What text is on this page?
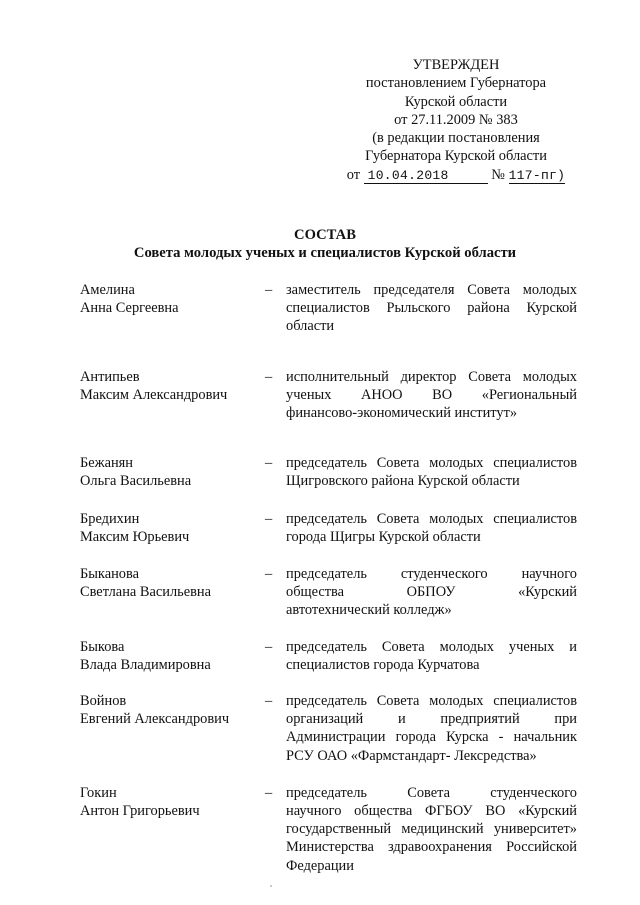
УТВЕРЖДЕН
постановлением Губернатора
Курской области
от 27.11.2009 № 383
(в редакции постановления
Губернатора Курской области
от 10.04.2018	№ 117-пг)
СОСТАВ
Совета молодых ученых и специалистов Курской области
Амелина
Анна Сергеевна
– заместитель председателя Совета молодых
специалистов Рыльского района Курской
области
Антипьев
Максим Александрович
– исполнительный директор Совета молодых
ученых АНОО ВО «Региональный
финансово-экономический институт»
Бежанян
Ольга Васильевна
– председатель Совета молодых специалистов
Щигровского района Курской области
Бредихин
Максим Юрьевич
– председатель Совета молодых специалистов
города Щигры Курской области
Быканова
Светлана Васильевна
– председатель студенческого научного
общества ОБПОУ «Курский
автотехнический колледж»
Быкова
Влада Владимировна
– председатель Совета молодых ученых и
специалистов города Курчатова
Войнов
Евгений Александрович
– председатель Совета молодых специалистов
организаций и предприятий при
Администрации города Курска - начальник
РСУ ОАО «Фармстандарт- Лексредства»
Гокин
Антон Григорьевич
– председатель Совета студенческого
научного общества ФГБОУ ВО «Курский
государственный медицинский университет»
Министерства здравоохранения Российской
Федерации
